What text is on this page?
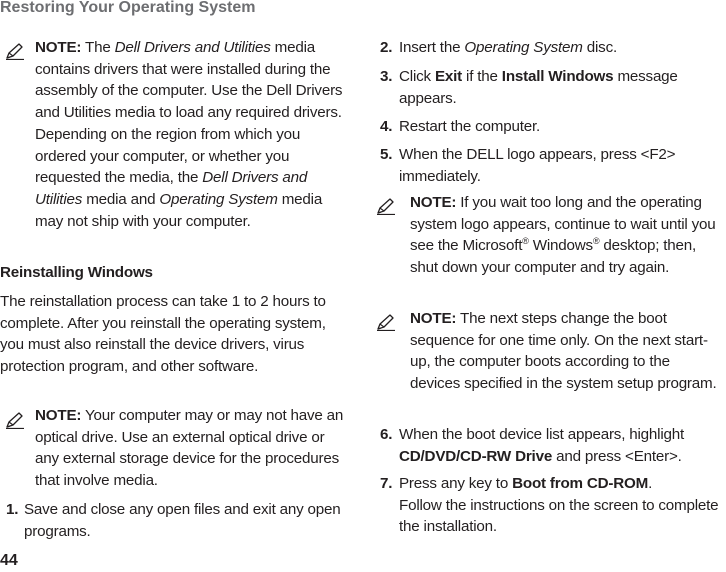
Restoring Your Operating System
NOTE: The Dell Drivers and Utilities media contains drivers that were installed during the assembly of the computer. Use the Dell Drivers and Utilities media to load any required drivers. Depending on the region from which you ordered your computer, or whether you requested the media, the Dell Drivers and Utilities media and Operating System media may not ship with your computer.
Reinstalling Windows
The reinstallation process can take 1 to 2 hours to complete. After you reinstall the operating system, you must also reinstall the device drivers, virus protection program, and other software.
NOTE: Your computer may or may not have an optical drive. Use an external optical drive or any external storage device for the procedures that involve media.
1. Save and close any open files and exit any open programs.
2. Insert the Operating System disc.
3. Click Exit if the Install Windows message appears.
4. Restart the computer.
5. When the DELL logo appears, press <F2> immediately.
NOTE: If you wait too long and the operating system logo appears, continue to wait until you see the Microsoft® Windows® desktop; then, shut down your computer and try again.
NOTE: The next steps change the boot sequence for one time only. On the next start-up, the computer boots according to the devices specified in the system setup program.
6. When the boot device list appears, highlight CD/DVD/CD-RW Drive and press <Enter>.
7. Press any key to Boot from CD-ROM.
Follow the instructions on the screen to complete the installation.
44
